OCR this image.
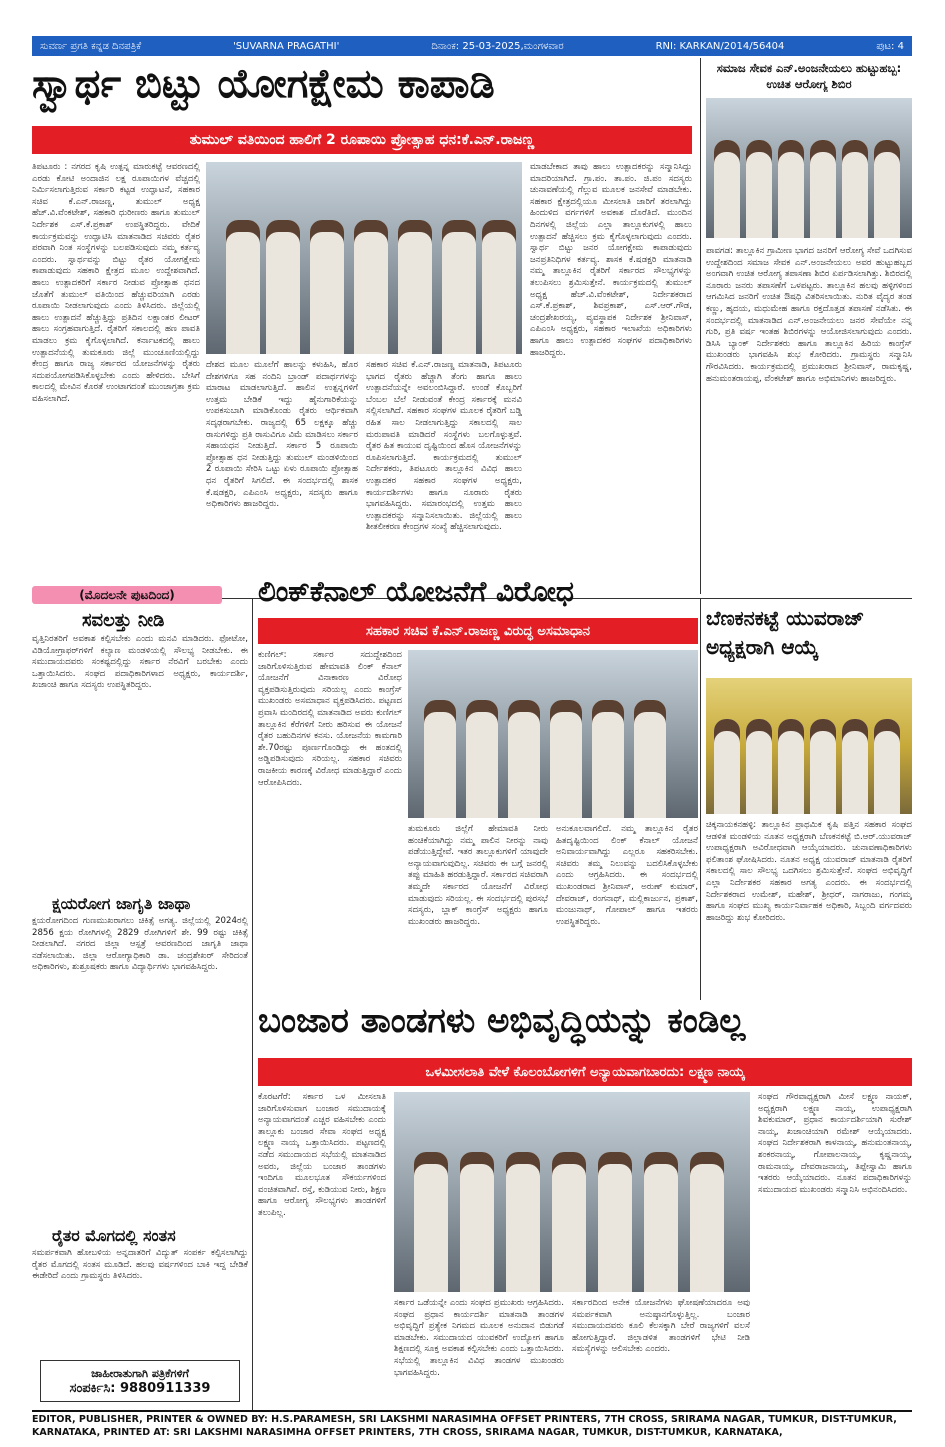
ಸುವರ್ಣ ಪ್ರಗತಿ ಕನ್ನಡ ದಿನಪತ್ರಿಕೆ	'SUVARNA PRAGATHI'	ದಿನಾಂಕ: 25-03-2025,ಮಂಗಳವಾರ	RNI: KARKAN/2014/56404	ಪುಟ: 4
ಸ್ವಾರ್ಥ ಬಿಟ್ಟು ಯೋಗಕ್ಷೇಮ ಕಾಪಾಡಿ
ತುಮುಲ್ ವತಿಯಿಂದ ಹಾಲಿಗೆ 2 ರೂಪಾಯಿ ಪ್ರೋತ್ಸಾಹ ಧನ:ಕೆ.ಎನ್.ರಾಜಣ್ಣ
ತಿಪಟೂರು : ನಗರದ ಕೃಷಿ ಉತ್ಪನ್ನ ಮಾರುಕಟ್ಟೆ ಆವರಣದಲ್ಲಿ ಎರಡು ಕೋಟಿ ಅಂದಾಜಿನ ಲಕ್ಷ ರೂಪಾಯಿಗಳ ವೆಚ್ಚದಲ್ಲಿ ನಿರ್ಮಿಸಲಾಗುತ್ತಿರುವ ಸರ್ಕಾರಿ ಕಟ್ಟಡ ಉದ್ಘಾಟನೆ, ಸಹಕಾರ ಸಚಿವ ಕೆ.ಎನ್.ರಾಜಣ್ಣ, ತುಮುಲ್ ಅಧ್ಯಕ್ಷ ಹೆಚ್.ವಿ.ವೆಂಕಟೇಶ್, ಸಹಕಾರಿ ಧುರೀಣರು ಹಾಗೂ ತುಮುಲ್ ನಿರ್ದೇಶಕ ಎಸ್.ಕೆ.ಪ್ರಕಾಶ್ ಉಪಸ್ಥಿತರಿದ್ದರು. ವೇದಿಕೆ ಕಾರ್ಯಕ್ರಮವನ್ನು ಉದ್ಘಾಟಿಸಿ ಮಾತನಾಡಿದ ಸಚಿವರು ರೈತರ ಪರವಾಗಿ ನಿಂತ ಸಂಸ್ಥೆಗಳನ್ನು ಬಲಪಡಿಸುವುದು ನಮ್ಮ ಕರ್ತವ್ಯ ಎಂದರು. ಸ್ವಾರ್ಥವನ್ನು ಬಿಟ್ಟು ರೈತರ ಯೋಗಕ್ಷೇಮ ಕಾಪಾಡುವುದು ಸಹಕಾರಿ ಕ್ಷೇತ್ರದ ಮೂಲ ಉದ್ದೇಶವಾಗಿದೆ. ಹಾಲು ಉತ್ಪಾದಕರಿಗೆ ಸರ್ಕಾರ ನೀಡುವ ಪ್ರೋತ್ಸಾಹ ಧನದ ಜೊತೆಗೆ ತುಮುಲ್ ವತಿಯಿಂದ ಹೆಚ್ಚುವರಿಯಾಗಿ ಎರಡು ರೂಪಾಯಿ ನೀಡಲಾಗುವುದು ಎಂದು ತಿಳಿಸಿದರು. ಜಿಲ್ಲೆಯಲ್ಲಿ ಹಾಲು ಉತ್ಪಾದನೆ ಹೆಚ್ಚುತ್ತಿದ್ದು ಪ್ರತಿದಿನ ಲಕ್ಷಾಂತರ ಲೀಟರ್ ಹಾಲು ಸಂಗ್ರಹವಾಗುತ್ತಿದೆ. ರೈತರಿಗೆ ಸಕಾಲದಲ್ಲಿ ಹಣ ಪಾವತಿ ಮಾಡಲು ಕ್ರಮ ಕೈಗೊಳ್ಳಲಾಗಿದೆ. ಕರ್ನಾಟಕದಲ್ಲಿ ಹಾಲು ಉತ್ಪಾದನೆಯಲ್ಲಿ ತುಮಕೂರು ಜಿಲ್ಲೆ ಮುಂಚೂಣಿಯಲ್ಲಿದ್ದು ಕೇಂದ್ರ ಹಾಗೂ ರಾಜ್ಯ ಸರ್ಕಾರದ ಯೋಜನೆಗಳನ್ನು ರೈತರು ಸದುಪಯೋಗಪಡಿಸಿಕೊಳ್ಳಬೇಕು ಎಂದು ಹೇಳಿದರು. ಬೇಸಿಗೆ ಕಾಲದಲ್ಲಿ ಮೇವಿನ ಕೊರತೆ ಉಂಟಾಗದಂತೆ ಮುಂಜಾಗ್ರತಾ ಕ್ರಮ ವಹಿಸಲಾಗಿದೆ.
ದೇಶದ ಮೂಲ ಮೂಲೆಗೆ ಹಾಲನ್ನು ಕಳುಹಿಸಿ, ಹೊರ ದೇಶಗಳಿಗೂ ಸಹ ನಂದಿನಿ ಬ್ರಾಂಡ್ ಪದಾರ್ಥಗಳನ್ನು ಮಾರಾಟ ಮಾಡಲಾಗುತ್ತಿದೆ. ಹಾಲಿನ ಉತ್ಪನ್ನಗಳಿಗೆ ಉತ್ತಮ ಬೇಡಿಕೆ ಇದ್ದು ಹೈನುಗಾರಿಕೆಯನ್ನು ಉಪಕಸುಬಾಗಿ ಮಾಡಿಕೊಂಡು ರೈತರು ಆರ್ಥಿಕವಾಗಿ ಸದೃಢರಾಗಬೇಕು. ರಾಜ್ಯದಲ್ಲಿ 65 ಲಕ್ಷಕ್ಕೂ ಹೆಚ್ಚು ರಾಸುಗಳಿದ್ದು ಪ್ರತಿ ರಾಸುವಿಗೂ ವಿಮೆ ಮಾಡಿಸಲು ಸರ್ಕಾರ ಸಹಾಯಧನ ನೀಡುತ್ತಿದೆ. ಸರ್ಕಾರ 5 ರೂಪಾಯಿ ಪ್ರೋತ್ಸಾಹ ಧನ ನೀಡುತ್ತಿದ್ದು ತುಮುಲ್ ಮಂಡಳಿಯಿಂದ 2 ರೂಪಾಯಿ ಸೇರಿಸಿ ಒಟ್ಟು ಏಳು ರೂಪಾಯಿ ಪ್ರೋತ್ಸಾಹ ಧನ ರೈತರಿಗೆ ಸಿಗಲಿದೆ. ಈ ಸಂದರ್ಭದಲ್ಲಿ ಶಾಸಕ ಕೆ.ಷಡಕ್ಷರಿ, ಎಪಿಎಂಸಿ ಅಧ್ಯಕ್ಷರು, ಸದಸ್ಯರು ಹಾಗೂ ಅಧಿಕಾರಿಗಳು ಹಾಜರಿದ್ದರು.
ಸಹಕಾರ ಸಚಿವ ಕೆ.ಎನ್.ರಾಜಣ್ಣ ಮಾತನಾಡಿ, ತಿಪಟೂರು ಭಾಗದ ರೈತರು ಹೆಚ್ಚಾಗಿ ತೆಂಗು ಹಾಗೂ ಹಾಲು ಉತ್ಪಾದನೆಯನ್ನೇ ಅವಲಂಬಿಸಿದ್ದಾರೆ. ಉಂಡೆ ಕೊಬ್ಬರಿಗೆ ಬೆಂಬಲ ಬೆಲೆ ನೀಡುವಂತೆ ಕೇಂದ್ರ ಸರ್ಕಾರಕ್ಕೆ ಮನವಿ ಸಲ್ಲಿಸಲಾಗಿದೆ. ಸಹಕಾರ ಸಂಘಗಳ ಮೂಲಕ ರೈತರಿಗೆ ಬಡ್ಡಿ ರಹಿತ ಸಾಲ ನೀಡಲಾಗುತ್ತಿದ್ದು ಸಕಾಲದಲ್ಲಿ ಸಾಲ ಮರುಪಾವತಿ ಮಾಡಿದರೆ ಸಂಸ್ಥೆಗಳು ಬಲಗೊಳ್ಳುತ್ತವೆ. ರೈತರ ಹಿತ ಕಾಯುವ ದೃಷ್ಟಿಯಿಂದ ಹೊಸ ಯೋಜನೆಗಳನ್ನು ರೂಪಿಸಲಾಗುತ್ತಿದೆ. ಕಾರ್ಯಕ್ರಮದಲ್ಲಿ ತುಮುಲ್ ನಿರ್ದೇಶಕರು, ತಿಪಟೂರು ತಾಲ್ಲೂಕಿನ ವಿವಿಧ ಹಾಲು ಉತ್ಪಾದಕರ ಸಹಕಾರ ಸಂಘಗಳ ಅಧ್ಯಕ್ಷರು, ಕಾರ್ಯದರ್ಶಿಗಳು ಹಾಗೂ ನೂರಾರು ರೈತರು ಭಾಗವಹಿಸಿದ್ದರು. ಸಮಾರಂಭದಲ್ಲಿ ಉತ್ತಮ ಹಾಲು ಉತ್ಪಾದಕರನ್ನು ಸನ್ಮಾನಿಸಲಾಯಿತು. ಜಿಲ್ಲೆಯಲ್ಲಿ ಹಾಲು ಶೀತಲೀಕರಣ ಕೇಂದ್ರಗಳ ಸಂಖ್ಯೆ ಹೆಚ್ಚಿಸಲಾಗುವುದು.
ಮಾಡಬೇಕಾದ ತಾವು ಹಾಲು ಉತ್ಪಾದಕರನ್ನು ಸನ್ಮಾನಿಸಿದ್ದು ಮಾದರಿಯಾಗಿದೆ. ಗ್ರಾ.ಪಂ. ತಾ.ಪಂ. ಜಿ.ಪಂ ಸದಸ್ಯರು ಚುನಾವಣೆಯಲ್ಲಿ ಗೆಲ್ಲುವ ಮೂಲಕ ಜನಸೇವೆ ಮಾಡಬೇಕು. ಸಹಕಾರ ಕ್ಷೇತ್ರದಲ್ಲಿಯೂ ಮೀಸಲಾತಿ ಜಾರಿಗೆ ತರಲಾಗಿದ್ದು ಹಿಂದುಳಿದ ವರ್ಗಗಳಿಗೆ ಅವಕಾಶ ದೊರೆತಿದೆ. ಮುಂದಿನ ದಿನಗಳಲ್ಲಿ ಜಿಲ್ಲೆಯ ಎಲ್ಲಾ ತಾಲ್ಲೂಕುಗಳಲ್ಲಿ ಹಾಲು ಉತ್ಪಾದನೆ ಹೆಚ್ಚಿಸಲು ಕ್ರಮ ಕೈಗೊಳ್ಳಲಾಗುವುದು ಎಂದರು. ಸ್ವಾರ್ಥ ಬಿಟ್ಟು ಜನರ ಯೋಗಕ್ಷೇಮ ಕಾಪಾಡುವುದು ಜನಪ್ರತಿನಿಧಿಗಳ ಕರ್ತವ್ಯ. ಶಾಸಕ ಕೆ.ಷಡಕ್ಷರಿ ಮಾತನಾಡಿ ನಮ್ಮ ತಾಲ್ಲೂಕಿನ ರೈತರಿಗೆ ಸರ್ಕಾರದ ಸೌಲಭ್ಯಗಳನ್ನು ತಲುಪಿಸಲು ಶ್ರಮಿಸುತ್ತೇನೆ. ಕಾರ್ಯಕ್ರಮದಲ್ಲಿ ತುಮುಲ್ ಅಧ್ಯಕ್ಷ ಹೆಚ್.ವಿ.ವೆಂಕಟೇಶ್, ನಿರ್ದೇಶಕರಾದ ಎಸ್.ಕೆ.ಪ್ರಕಾಶ್, ಶಿವಪ್ರಕಾಶ್, ಎಸ್.ಆರ್.ಗೌಡ, ಚಂದ್ರಶೇಖರಯ್ಯ, ವ್ಯವಸ್ಥಾಪಕ ನಿರ್ದೇಶಕ ಶ್ರೀನಿವಾಸ್, ಎಪಿಎಂಸಿ ಅಧ್ಯಕ್ಷರು, ಸಹಕಾರ ಇಲಾಖೆಯ ಅಧಿಕಾರಿಗಳು ಹಾಗೂ ಹಾಲು ಉತ್ಪಾದಕರ ಸಂಘಗಳ ಪದಾಧಿಕಾರಿಗಳು ಹಾಜರಿದ್ದರು.
ಸಮಾಜ ಸೇವಕ ಎನ್.ಅಂಜನೇಯಲು ಹುಟ್ಟುಹಬ್ಬ: ಉಚಿತ ಆರೋಗ್ಯ ಶಿಬಿರ
ಪಾವಗಡ: ತಾಲ್ಲೂಕಿನ ಗ್ರಾಮೀಣ ಭಾಗದ ಜನರಿಗೆ ಆರೋಗ್ಯ ಸೇವೆ ಒದಗಿಸುವ ಉದ್ದೇಶದಿಂದ ಸಮಾಜ ಸೇವಕ ಎನ್.ಅಂಜನೇಯಲು ಅವರ ಹುಟ್ಟುಹಬ್ಬದ ಅಂಗವಾಗಿ ಉಚಿತ ಆರೋಗ್ಯ ತಪಾಸಣಾ ಶಿಬಿರ ಏರ್ಪಡಿಸಲಾಗಿತ್ತು. ಶಿಬಿರದಲ್ಲಿ ನೂರಾರು ಜನರು ತಪಾಸಣೆಗೆ ಒಳಪಟ್ಟರು. ತಾಲ್ಲೂಕಿನ ಹಲವು ಹಳ್ಳಿಗಳಿಂದ ಆಗಮಿಸಿದ ಜನರಿಗೆ ಉಚಿತ ಔಷಧಿ ವಿತರಿಸಲಾಯಿತು. ನುರಿತ ವೈದ್ಯರ ತಂಡ ಕಣ್ಣು, ಹೃದಯ, ಮಧುಮೇಹ ಹಾಗೂ ರಕ್ತದೊತ್ತಡ ತಪಾಸಣೆ ನಡೆಸಿತು. ಈ ಸಂದರ್ಭದಲ್ಲಿ ಮಾತನಾಡಿದ ಎನ್.ಅಂಜನೇಯಲು ಜನರ ಸೇವೆಯೇ ನನ್ನ ಗುರಿ, ಪ್ರತಿ ವರ್ಷ ಇಂತಹ ಶಿಬಿರಗಳನ್ನು ಆಯೋಜಿಸಲಾಗುವುದು ಎಂದರು. ಡಿಸಿಸಿ ಬ್ಯಾಂಕ್ ನಿರ್ದೇಶಕರು ಹಾಗೂ ತಾಲ್ಲೂಕಿನ ಹಿರಿಯ ಕಾಂಗ್ರೆಸ್ ಮುಖಂಡರು ಭಾಗವಹಿಸಿ ಶುಭ ಕೋರಿದರು. ಗ್ರಾಮಸ್ಥರು ಸನ್ಮಾನಿಸಿ ಗೌರವಿಸಿದರು. ಕಾರ್ಯಕ್ರಮದಲ್ಲಿ ಪ್ರಮುಖರಾದ ಶ್ರೀನಿವಾಸ್, ರಾಮಕೃಷ್ಣ, ಹನುಮಂತರಾಯಪ್ಪ, ವೆಂಕಟೇಶ್ ಹಾಗೂ ಅಭಿಮಾನಿಗಳು ಹಾಜರಿದ್ದರು.
(ಮೊದಲನೇ ಪುಟದಿಂದ)
ಸವಲತ್ತು ನೀಡಿ
ವೃತ್ತಿನಿರತರಿಗೆ ಅವಕಾಶ ಕಲ್ಪಿಸಬೇಕು ಎಂದು ಮನವಿ ಮಾಡಿದರು. ಫೋಟೋ, ವಿಡಿಯೋಗ್ರಾಫರ್‌ಗಳಿಗೆ ಕಲ್ಯಾಣ ಮಂಡಳಿಯಲ್ಲಿ ಸೌಲಭ್ಯ ನೀಡಬೇಕು. ಈ ಸಮುದಾಯದವರು ಸಂಕಷ್ಟದಲ್ಲಿದ್ದು ಸರ್ಕಾರ ನೆರವಿಗೆ ಬರಬೇಕು ಎಂದು ಒತ್ತಾಯಿಸಿದರು. ಸಂಘದ ಪದಾಧಿಕಾರಿಗಳಾದ ಅಧ್ಯಕ್ಷರು, ಕಾರ್ಯದರ್ಶಿ, ಖಜಾಂಚಿ ಹಾಗೂ ಸದಸ್ಯರು ಉಪಸ್ಥಿತರಿದ್ದರು.
ಕ್ಷಯರೋಗ ಜಾಗೃತಿ ಜಾಥಾ
ಕ್ಷಯರೋಗದಿಂದ ಗುಣಮುಖರಾಗಲು ಚಿಕಿತ್ಸೆ ಅಗತ್ಯ. ಜಿಲ್ಲೆಯಲ್ಲಿ 2024ರಲ್ಲಿ 2856 ಕ್ಷಯ ರೋಗಿಗಳಲ್ಲಿ 2829 ರೋಗಿಗಳಿಗೆ ಶೇ. 99 ರಷ್ಟು ಚಿಕಿತ್ಸೆ ನೀಡಲಾಗಿದೆ. ನಗರದ ಜಿಲ್ಲಾ ಆಸ್ಪತ್ರೆ ಆವರಣದಿಂದ ಜಾಗೃತಿ ಜಾಥಾ ನಡೆಸಲಾಯಿತು. ಜಿಲ್ಲಾ ಆರೋಗ್ಯಾಧಿಕಾರಿ ಡಾ. ಚಂದ್ರಶೇಖರ್ ಸೇರಿದಂತೆ ಅಧಿಕಾರಿಗಳು, ಶುಶ್ರೂಷಕರು ಹಾಗೂ ವಿದ್ಯಾರ್ಥಿಗಳು ಭಾಗವಹಿಸಿದ್ದರು.
ರೈತರ ಮೊಗದಲ್ಲಿ ಸಂತಸ
ಸಮರ್ಪಕವಾಗಿ ಹೋಬಳಿಯ ಅನ್ನದಾತರಿಗೆ ವಿದ್ಯುತ್ ಸಂಪರ್ಕ ಕಲ್ಪಿಸಲಾಗಿದ್ದು ರೈತರ ಮೊಗದಲ್ಲಿ ಸಂತಸ ಮೂಡಿದೆ. ಹಲವು ವರ್ಷಗಳಿಂದ ಬಾಕಿ ಇದ್ದ ಬೇಡಿಕೆ ಈಡೇರಿದೆ ಎಂದು ಗ್ರಾಮಸ್ಥರು ತಿಳಿಸಿದರು.
ಜಾಹೀರಾತುಗಾಗಿ ಪತ್ರಿಕೆಗಳಿಗೆ
ಸಂಪರ್ಕಿಸಿ: 9880911339
ಲಿಂಕ್‌ಕೆನಾಲ್ ಯೋಜನೆಗೆ ವಿರೋಧ
ಸಹಕಾರ ಸಚಿವ ಕೆ.ಎನ್.ರಾಜಣ್ಣ ವಿರುದ್ಧ ಅಸಮಾಧಾನ
ಕುಣಿಗಲ್: ಸರ್ಕಾರ ಸದುದ್ದೇಶದಿಂದ ಜಾರಿಗೊಳಿಸುತ್ತಿರುವ ಹೇಮಾವತಿ ಲಿಂಕ್ ಕೆನಾಲ್ ಯೋಜನೆಗೆ ವಿನಾಕಾರಣ ವಿರೋಧ ವ್ಯಕ್ತಪಡಿಸುತ್ತಿರುವುದು ಸರಿಯಲ್ಲ ಎಂದು ಕಾಂಗ್ರೆಸ್ ಮುಖಂಡರು ಅಸಮಾಧಾನ ವ್ಯಕ್ತಪಡಿಸಿದರು. ಪಟ್ಟಣದ ಪ್ರವಾಸಿ ಮಂದಿರದಲ್ಲಿ ಮಾತನಾಡಿದ ಅವರು ಕುಣಿಗಲ್ ತಾಲ್ಲೂಕಿನ ಕೆರೆಗಳಿಗೆ ನೀರು ಹರಿಸುವ ಈ ಯೋಜನೆ ರೈತರ ಬಹುದಿನಗಳ ಕನಸು. ಯೋಜನೆಯ ಕಾಮಗಾರಿ ಶೇ.70ರಷ್ಟು ಪೂರ್ಣಗೊಂಡಿದ್ದು ಈ ಹಂತದಲ್ಲಿ ಅಡ್ಡಿಪಡಿಸುವುದು ಸರಿಯಲ್ಲ. ಸಹಕಾರ ಸಚಿವರು ರಾಜಕೀಯ ಕಾರಣಕ್ಕೆ ವಿರೋಧ ಮಾಡುತ್ತಿದ್ದಾರೆ ಎಂದು ಆರೋಪಿಸಿದರು.
ತುಮಕೂರು ಜಿಲ್ಲೆಗೆ ಹೇಮಾವತಿ ನೀರು ಹಂಚಿಕೆಯಾಗಿದ್ದು ನಮ್ಮ ಪಾಲಿನ ನೀರನ್ನು ನಾವು ಪಡೆಯುತ್ತಿದ್ದೇವೆ. ಇತರ ತಾಲ್ಲೂಕುಗಳಿಗೆ ಯಾವುದೇ ಅನ್ಯಾಯವಾಗುವುದಿಲ್ಲ. ಸಚಿವರು ಈ ಬಗ್ಗೆ ಜನರಲ್ಲಿ ತಪ್ಪು ಮಾಹಿತಿ ಹರಡುತ್ತಿದ್ದಾರೆ. ಸರ್ಕಾರದ ಸಚಿವರಾಗಿ ತಮ್ಮದೇ ಸರ್ಕಾರದ ಯೋಜನೆಗೆ ವಿರೋಧ ಮಾಡುವುದು ಸರಿಯಲ್ಲ. ಈ ಸಂದರ್ಭದಲ್ಲಿ ಪುರಸಭೆ ಸದಸ್ಯರು, ಬ್ಲಾಕ್ ಕಾಂಗ್ರೆಸ್ ಅಧ್ಯಕ್ಷರು ಹಾಗೂ ಮುಖಂಡರು ಹಾಜರಿದ್ದರು.
ಅನುಕೂಲವಾಗಲಿದೆ. ನಮ್ಮ ತಾಲ್ಲೂಕಿನ ರೈತರ ಹಿತದೃಷ್ಟಿಯಿಂದ ಲಿಂಕ್ ಕೆನಾಲ್ ಯೋಜನೆ ಅನಿವಾರ್ಯವಾಗಿದ್ದು ಎಲ್ಲರೂ ಸಹಕರಿಸಬೇಕು. ಸಚಿವರು ತಮ್ಮ ನಿಲುವನ್ನು ಬದಲಿಸಿಕೊಳ್ಳಬೇಕು ಎಂದು ಆಗ್ರಹಿಸಿದರು. ಈ ಸಂದರ್ಭದಲ್ಲಿ ಮುಖಂಡರಾದ ಶ್ರೀನಿವಾಸ್, ಅರುಣ್ ಕುಮಾರ್, ದೇವರಾಜ್, ರಂಗನಾಥ್, ಮಲ್ಲಿಕಾರ್ಜುನ, ಪ್ರಕಾಶ್, ಮಂಜುನಾಥ್, ಗೋಪಾಲ್ ಹಾಗೂ ಇತರರು ಉಪಸ್ಥಿತರಿದ್ದರು.
ಬೆಣಕನಕಟ್ಟೆ ಯುವರಾಜ್ ಅಧ್ಯಕ್ಷರಾಗಿ ಆಯ್ಕೆ
ಚಿಕ್ಕನಾಯಕನಹಳ್ಳಿ: ತಾಲ್ಲೂಕಿನ ಪ್ರಾಥಮಿಕ ಕೃಷಿ ಪತ್ತಿನ ಸಹಕಾರ ಸಂಘದ ಆಡಳಿತ ಮಂಡಳಿಯ ನೂತನ ಅಧ್ಯಕ್ಷರಾಗಿ ಬೆಣಕನಕಟ್ಟೆ ಬಿ.ಆರ್.ಯುವರಾಜ್ ಉಪಾಧ್ಯಕ್ಷರಾಗಿ ಅವಿರೋಧವಾಗಿ ಆಯ್ಕೆಯಾದರು. ಚುನಾವಣಾಧಿಕಾರಿಗಳು ಫಲಿತಾಂಶ ಘೋಷಿಸಿದರು. ನೂತನ ಅಧ್ಯಕ್ಷ ಯುವರಾಜ್ ಮಾತನಾಡಿ ರೈತರಿಗೆ ಸಕಾಲದಲ್ಲಿ ಸಾಲ ಸೌಲಭ್ಯ ಒದಗಿಸಲು ಶ್ರಮಿಸುತ್ತೇನೆ. ಸಂಘದ ಅಭಿವೃದ್ಧಿಗೆ ಎಲ್ಲಾ ನಿರ್ದೇಶಕರ ಸಹಕಾರ ಅಗತ್ಯ ಎಂದರು. ಈ ಸಂದರ್ಭದಲ್ಲಿ ನಿರ್ದೇಶಕರಾದ ಉಮೇಶ್, ಮಹೇಶ್, ಶ್ರೀಧರ್, ನಾಗರಾಜು, ಗಂಗಮ್ಮ ಹಾಗೂ ಸಂಘದ ಮುಖ್ಯ ಕಾರ್ಯನಿರ್ವಾಹಕ ಅಧಿಕಾರಿ, ಸಿಬ್ಬಂದಿ ವರ್ಗದವರು ಹಾಜರಿದ್ದು ಶುಭ ಕೋರಿದರು.
ಬಂಜಾರ ತಾಂಡಗಳು ಅಭಿವೃದ್ಧಿಯನ್ನು ಕಂಡಿಲ್ಲ
ಒಳಮೀಸಲಾತಿ ವೇಳೆ ಕೊಲಂಬೋಗಳಿಗೆ ಅನ್ಯಾಯವಾಗಬಾರದು: ಲಕ್ಷ್ಮಣ ನಾಯ್ಕ
ಕೊರಟಗೆರೆ: ಸರ್ಕಾರ ಒಳ ಮೀಸಲಾತಿ ಜಾರಿಗೊಳಿಸುವಾಗ ಬಂಜಾರ ಸಮುದಾಯಕ್ಕೆ ಅನ್ಯಾಯವಾಗದಂತೆ ಎಚ್ಚರ ವಹಿಸಬೇಕು ಎಂದು ತಾಲ್ಲೂಕು ಬಂಜಾರ ಸೇವಾ ಸಂಘದ ಅಧ್ಯಕ್ಷ ಲಕ್ಷ್ಮಣ ನಾಯ್ಕ ಒತ್ತಾಯಿಸಿದರು. ಪಟ್ಟಣದಲ್ಲಿ ನಡೆದ ಸಮುದಾಯದ ಸಭೆಯಲ್ಲಿ ಮಾತನಾಡಿದ ಅವರು, ಜಿಲ್ಲೆಯ ಬಂಜಾರ ತಾಂಡಗಳು ಇಂದಿಗೂ ಮೂಲಭೂತ ಸೌಕರ್ಯಗಳಿಂದ ವಂಚಿತವಾಗಿವೆ. ರಸ್ತೆ, ಕುಡಿಯುವ ನೀರು, ಶಿಕ್ಷಣ ಹಾಗೂ ಆರೋಗ್ಯ ಸೌಲಭ್ಯಗಳು ತಾಂಡಗಳಿಗೆ ತಲುಪಿಲ್ಲ.
ಸರ್ಕಾರ ಒಡೆಯನ್ನೇ ಎಂದು ಸಂಘದ ಪ್ರಮುಖರು ಆಗ್ರಹಿಸಿದರು. ಸಂಘದ ಪ್ರಧಾನ ಕಾರ್ಯದರ್ಶಿ ಮಾತನಾಡಿ ತಾಂಡಗಳ ಅಭಿವೃದ್ಧಿಗೆ ಪ್ರತ್ಯೇಕ ನಿಗಮದ ಮೂಲಕ ಅನುದಾನ ಬಿಡುಗಡೆ ಮಾಡಬೇಕು. ಸಮುದಾಯದ ಯುವಕರಿಗೆ ಉದ್ಯೋಗ ಹಾಗೂ ಶಿಕ್ಷಣದಲ್ಲಿ ಸೂಕ್ತ ಅವಕಾಶ ಕಲ್ಪಿಸಬೇಕು ಎಂದು ಒತ್ತಾಯಿಸಿದರು. ಸಭೆಯಲ್ಲಿ ತಾಲ್ಲೂಕಿನ ವಿವಿಧ ತಾಂಡಗಳ ಮುಖಂಡರು ಭಾಗವಹಿಸಿದ್ದರು.
ಸರ್ಕಾರದಿಂದ ಅನೇಕ ಯೋಜನೆಗಳು ಘೋಷಣೆಯಾದರೂ ಅವು ಸಮರ್ಪಕವಾಗಿ ಅನುಷ್ಠಾನಗೊಳ್ಳುತ್ತಿಲ್ಲ. ಬಂಜಾರ ಸಮುದಾಯದವರು ಕೂಲಿ ಕೆಲಸಕ್ಕಾಗಿ ಬೇರೆ ರಾಜ್ಯಗಳಿಗೆ ವಲಸೆ ಹೋಗುತ್ತಿದ್ದಾರೆ. ಜಿಲ್ಲಾಡಳಿತ ತಾಂಡಗಳಿಗೆ ಭೇಟಿ ನೀಡಿ ಸಮಸ್ಯೆಗಳನ್ನು ಆಲಿಸಬೇಕು ಎಂದರು.
ಸಂಘದ ಗೌರವಾಧ್ಯಕ್ಷರಾಗಿ ಮೀಸೆ ಲಕ್ಷ್ಮಣ ನಾಯಕ್, ಅಧ್ಯಕ್ಷರಾಗಿ ಲಕ್ಷ್ಮಣ ನಾಯ್ಕ, ಉಪಾಧ್ಯಕ್ಷರಾಗಿ ಶಿವಕುಮಾರ್, ಪ್ರಧಾನ ಕಾರ್ಯದರ್ಶಿಯಾಗಿ ಸುರೇಶ್ ನಾಯ್ಕ, ಖಜಾಂಚಿಯಾಗಿ ರಮೇಶ್ ಆಯ್ಕೆಯಾದರು. ಸಂಘದ ನಿರ್ದೇಶಕರಾಗಿ ಕಾಳನಾಯ್ಕ, ಹನುಮಂತನಾಯ್ಕ, ಶಂಕರನಾಯ್ಕ, ಗೋಪಾಲನಾಯ್ಕ, ಕೃಷ್ಣನಾಯ್ಕ, ರಾಮನಾಯ್ಕ, ದೇವರಾಜನಾಯ್ಕ, ತಿಪ್ಪೇಸ್ವಾಮಿ ಹಾಗೂ ಇತರರು ಆಯ್ಕೆಯಾದರು. ನೂತನ ಪದಾಧಿಕಾರಿಗಳನ್ನು ಸಮುದಾಯದ ಮುಖಂಡರು ಸನ್ಮಾನಿಸಿ ಅಭಿನಂದಿಸಿದರು.
EDITOR, PUBLISHER, PRINTER & OWNED BY: H.S.PARAMESH, SRI LAKSHMI NARASIMHA OFFSET PRINTERS, 7TH CROSS, SRIRAMA NAGAR, TUMKUR, DIST-TUMKUR,
KARNATAKA, PRINTED AT: SRI LAKSHMI NARASIMHA OFFSET PRINTERS, 7TH CROSS, SRIRAMA NAGAR, TUMKUR, DIST-TUMKUR, KARNATAKA,
